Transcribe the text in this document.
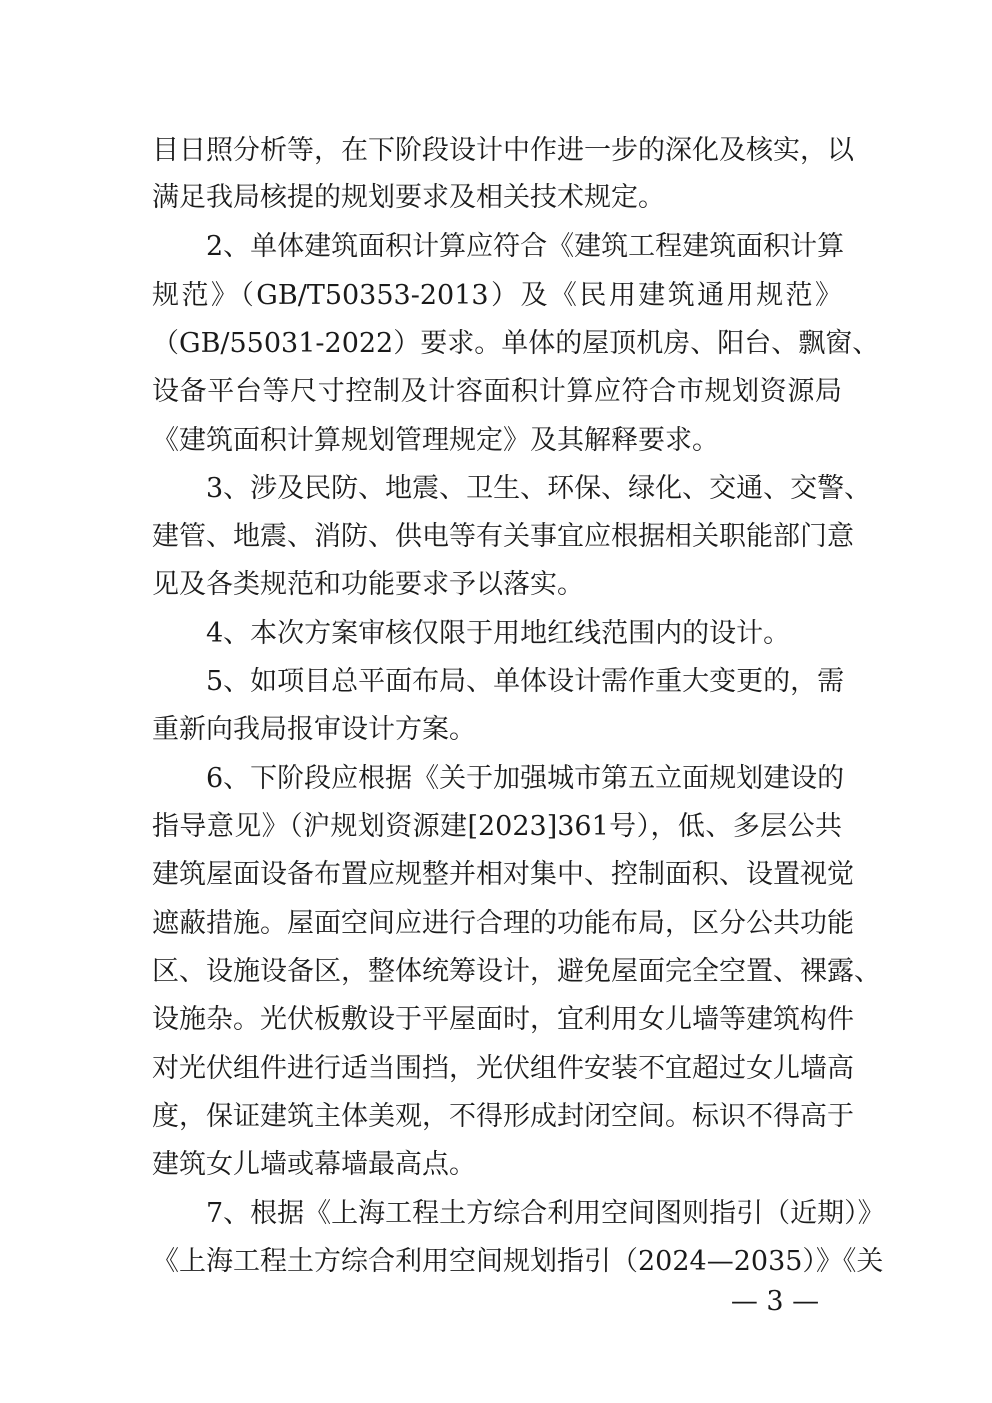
目日照分析等，在下阶段设计中作进一步的深化及核实，以
满足我局核提的规划要求及相关技术规定。
2、单体建筑面积计算应符合《建筑工程建筑面积计算
规范》（GB/T50353-2013）及《民用建筑通用规范》
（GB/55031-2022）要求。单体的屋顶机房、阳台、飘窗、
设备平台等尺寸控制及计容面积计算应符合市规划资源局
《建筑面积计算规划管理规定》及其解释要求。
3、涉及民防、地震、卫生、环保、绿化、交通、交警、
建管、地震、消防、供电等有关事宜应根据相关职能部门意
见及各类规范和功能要求予以落实。
4、本次方案审核仅限于用地红线范围内的设计。
5、如项目总平面布局、单体设计需作重大变更的，需
重新向我局报审设计方案。
6、下阶段应根据《关于加强城市第五立面规划建设的
指导意见》（沪规划资源建[2023]361号），低、多层公共
建筑屋面设备布置应规整并相对集中、控制面积、设置视觉
遮蔽措施。屋面空间应进行合理的功能布局，区分公共功能
区、设施设备区，整体统筹设计，避免屋面完全空置、裸露、
设施杂。光伏板敷设于平屋面时，宜利用女儿墙等建筑构件
对光伏组件进行适当围挡，光伏组件安装不宜超过女儿墙高
度，保证建筑主体美观，不得形成封闭空间。标识不得高于
建筑女儿墙或幕墙最高点。
7、根据《上海工程土方综合利用空间图则指引（近期）》
《上海工程土方综合利用空间规划指引（2024—2035）》《关
— 3 —
